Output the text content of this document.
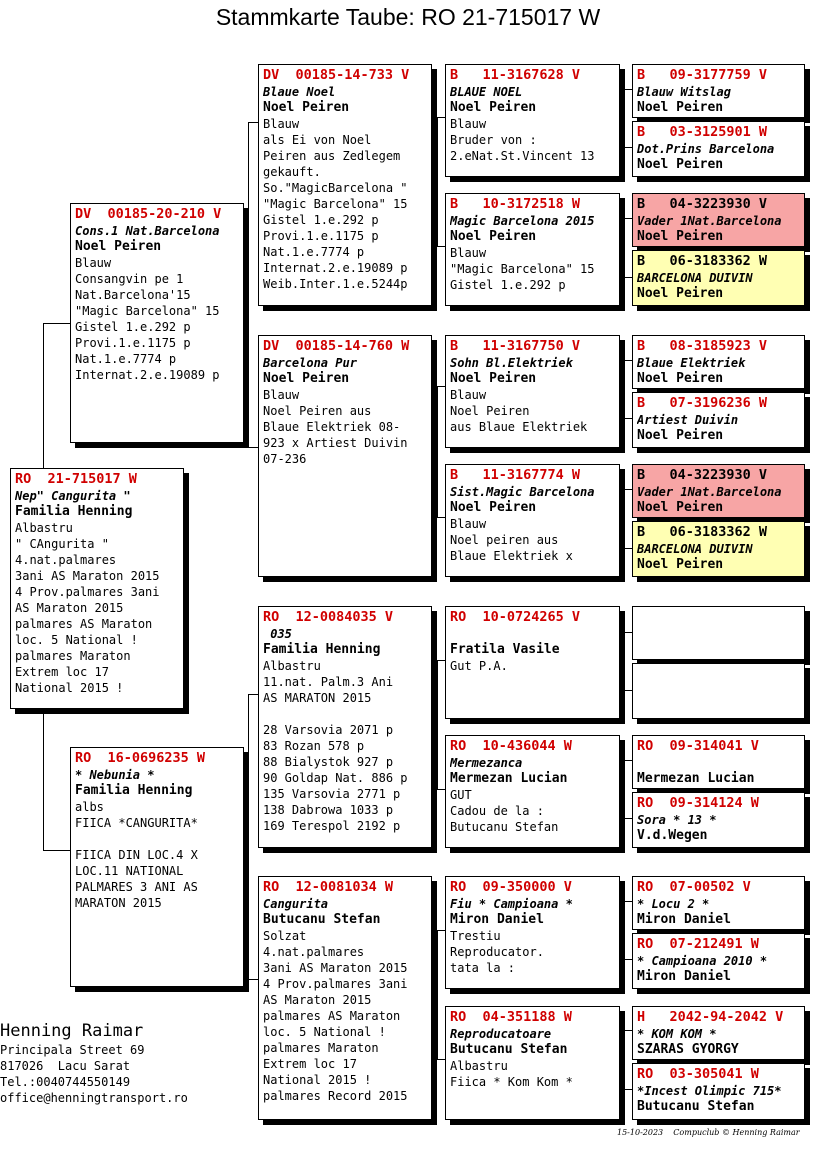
Stammkarte Taube: RO 21-715017 W
RO  21-715017 W
Nep" Cangurita "
Familia Henning
Albastru
" CAngurita "
4.nat.palmares
3ani AS Maraton 2015
4 Prov.palmares 3ani
AS Maraton 2015
palmares AS Maraton
loc. 5 National !
palmares Maraton
Extrem loc 17
National 2015 !
DV  00185-20-210 V
Cons.1 Nat.Barcelona
Noel Peiren
Blauw
Consangvin pe 1
Nat.Barcelona'15
"Magic Barcelona" 15
Gistel 1.e.292 p
Provi.1.e.1175 p
Nat.1.e.7774 p
Internat.2.e.19089 p
RO  16-0696235 W
* Nebunia *
Familia Henning
albs
FIICA *CANGURITA*
FIICA DIN LOC.4 X
LOC.11 NATIONAL
PALMARES 3 ANI AS
MARATON 2015
DV  00185-14-733 V
Blaue Noel
Noel Peiren
Blauw
als Ei von Noel
Peiren aus Zedlegem
gekauft.
So."MagicBarcelona "
"Magic Barcelona" 15
Gistel 1.e.292 p
Provi.1.e.1175 p
Nat.1.e.7774 p
Internat.2.e.19089 p
Weib.Inter.1.e.5244p
DV  00185-14-760 W
Barcelona Pur
Noel Peiren
Blauw
Noel Peiren aus
Blaue Elektriek 08-
923 x Artiest Duivin
07-236
RO  12-0084035 V
035
Familia Henning
Albastru
11.nat. Palm.3 Ani
AS MARATON 2015
28 Varsovia 2071 p
83 Rozan 578 p
88 Bialystok 927 p
90 Goldap Nat. 886 p
135 Varsovia 2771 p
138 Dabrowa 1033 p
169 Terespol 2192 p
RO  12-0081034 W
Cangurita
Butucanu Stefan
Solzat
4.nat.palmares
3ani AS Maraton 2015
4 Prov.palmares 3ani
AS Maraton 2015
palmares AS Maraton
loc. 5 National !
palmares Maraton
Extrem loc 17
National 2015 !
palmares Record 2015
B   11-3167628 V
BLAUE NOEL
Noel Peiren
Blauw
Bruder von :
2.eNat.St.Vincent 13
B   10-3172518 W
Magic Barcelona 2015
Noel Peiren
Blauw
"Magic Barcelona" 15
Gistel 1.e.292 p
B   11-3167750 V
Sohn Bl.Elektriek
Noel Peiren
Blauw
Noel Peiren
aus Blaue Elektriek
B   11-3167774 W
Sist.Magic Barcelona
Noel Peiren
Blauw
Noel peiren aus
Blaue Elektriek x
RO  10-0724265 V
Fratila Vasile
Gut P.A.
RO  10-436044 W
Mermezanca
Mermezan Lucian
GUT
Cadou de la :
Butucanu Stefan
RO  09-350000 V
Fiu * Campioana *
Miron Daniel
Trestiu
Reproducator.
tata la :
RO  04-351188 W
Reproducatoare
Butucanu Stefan
Albastru
Fiica * Kom Kom *
B   09-3177759 V
Blauw Witslag
Noel Peiren
B   03-3125901 W
Dot.Prins Barcelona
Noel Peiren
B   04-3223930 V
Vader 1Nat.Barcelona
Noel Peiren
B   06-3183362 W
BARCELONA DUIVIN
Noel Peiren
B   08-3185923 V
Blaue Elektriek
Noel Peiren
B   07-3196236 W
Artiest Duivin
Noel Peiren
B   04-3223930 V
Vader 1Nat.Barcelona
Noel Peiren
B   06-3183362 W
BARCELONA DUIVIN
Noel Peiren
RO  09-314041 V
Mermezan Lucian
RO  09-314124 W
Sora * 13 *
V.d.Wegen
RO  07-00502 V
* Locu 2 *
Miron Daniel
RO  07-212491 W
* Campioana 2010 *
Miron Daniel
H   2042-94-2042 V
* KOM KOM *
SZARAS GYORGY
RO  03-305041 W
*Incest Olimpic 715*
Butucanu Stefan
Henning Raimar
Principala Street 69
817026  Lacu Sarat
Tel.:0040744550149
office@henningtransport.ro
15-10-2023    Compuclub © Henning Raimar
